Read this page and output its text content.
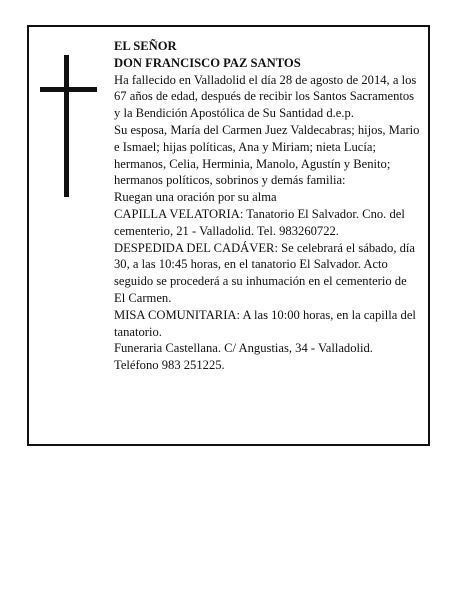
EL SEÑOR

DON FRANCISCO PAZ SANTOS

Ha fallecido en Valladolid el día 28 de agosto de 2014, a los 67 años de edad, después de recibir los Santos Sacramentos y la Bendición Apostólica de Su Santidad d.e.p.

Su esposa, María del Carmen Juez Valdecabras; hijos, Mario e Ismael; hijas políticas, Ana y Miriam; nieta Lucía; hermanos, Celia, Herminia, Manolo, Agustín y Benito; hermanos políticos, sobrinos y demás familia:

Ruegan una oración por su alma

CAPILLA VELATORIA: Tanatorio El Salvador. Cno. del cementerio, 21 - Valladolid. Tel. 983260722.

DESPEDIDA DEL CADÁVER: Se celebrará el sábado, día 30, a las 10:45 horas, en el tanatorio El Salvador. Acto seguido se procederá a su inhumación en el cementerio de El Carmen.

MISA COMUNITARIA: A las 10:00 horas, en la capilla del tanatorio.

Funeraria Castellana. C/ Angustias, 34 - Valladolid. Teléfono 983 251225.
